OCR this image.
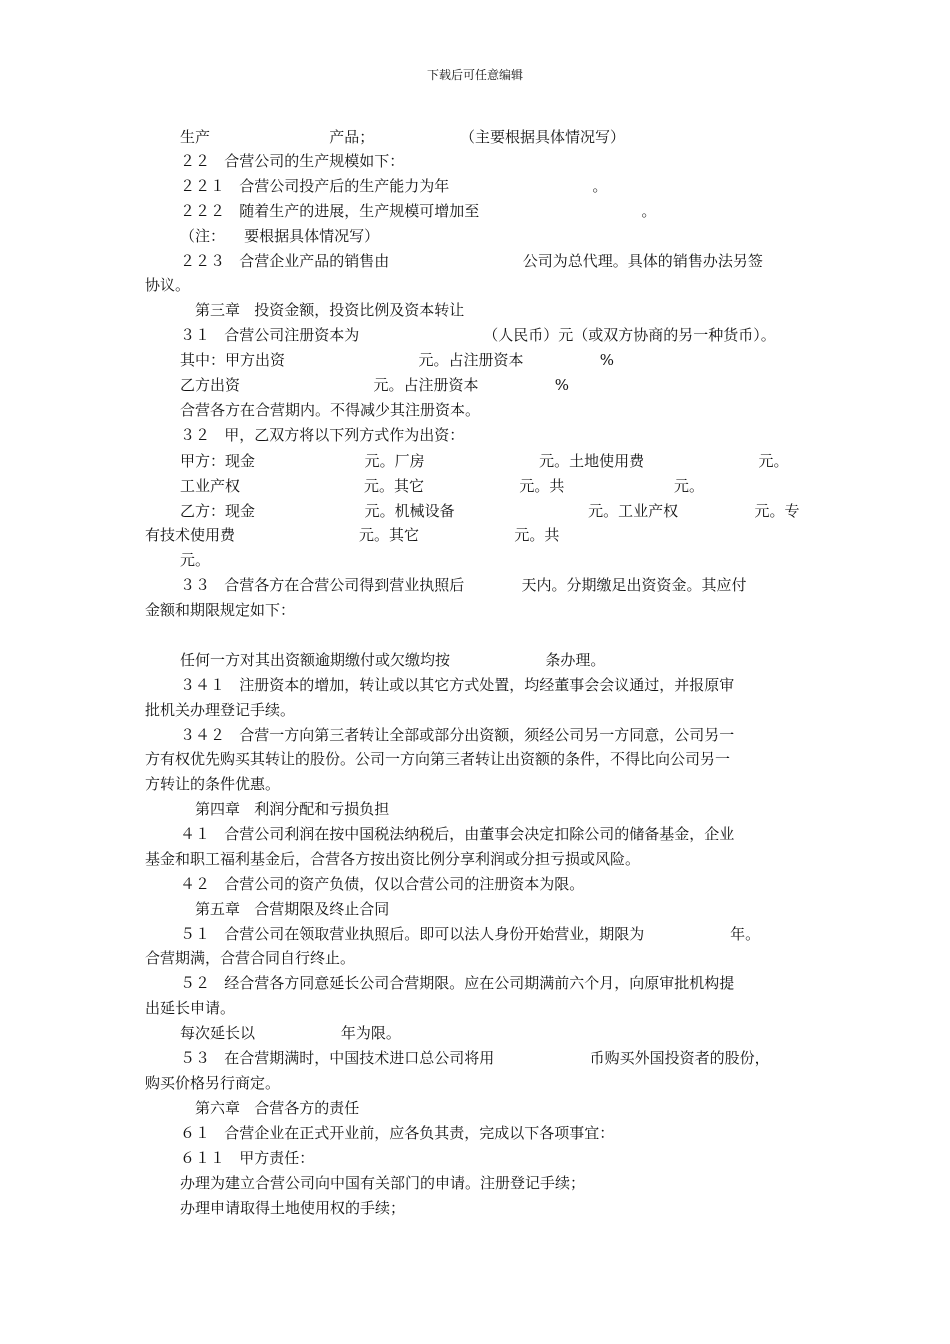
下载后可任意编辑
生产                         产品；                  （主要根据具体情况写）
２２   合营公司的生产规模如下：
２２１   合营公司投产后的生产能力为年                              。
２２２   随着生产的进展，生产规模可增加至                                  。
（注：    要根据具体情况写）
２２３   合营企业产品的销售由                            公司为总代理。具体的销售办法另签
协议。
第三章   投资金额，投资比例及资本转让
３１   合营公司注册资本为                          （人民币）元（或双方协商的另一种货币）。
其中：甲方出资                            元。占注册资本                %
乙方出资                            元。占注册资本                %
合营各方在合营期内。不得减少其注册资本。
３２   甲，乙双方将以下列方式作为出资：
甲方：现金                       元。厂房                        元。土地使用费                        元。
工业产权                          元。其它                    元。共                       元。
乙方：现金                       元。机械设备                            元。工业产权                元。专
有技术使用费                          元。其它                    元。共
元。
３３   合营各方在合营公司得到营业执照后            天内。分期缴足出资资金。其应付
金额和期限规定如下：
任何一方对其出资额逾期缴付或欠缴均按                    条办理。
３４１   注册资本的增加，转让或以其它方式处置，均经董事会会议通过，并报原审
批机关办理登记手续。
３４２   合营一方向第三者转让全部或部分出资额，须经公司另一方同意，公司另一
方有权优先购买其转让的股份。公司一方向第三者转让出资额的条件，不得比向公司另一
方转让的条件优惠。
第四章   利润分配和亏损负担
４１   合营公司利润在按中国税法纳税后，由董事会决定扣除公司的储备基金，企业
基金和职工福利基金后，合营各方按出资比例分享利润或分担亏损或风险。
４２   合营公司的资产负债，仅以合营公司的注册资本为限。
第五章   合营期限及终止合同
５１   合营公司在领取营业执照后。即可以法人身份开始营业，期限为                  年。
合营期满，合营合同自行终止。
５２   经合营各方同意延长公司合营期限。应在公司期满前六个月，向原审批机构提
出延长申请。
每次延长以                  年为限。
５３   在合营期满时，中国技术进口总公司将用                    币购买外国投资者的股份，
购买价格另行商定。
第六章   合营各方的责任
６１   合营企业在正式开业前，应各负其责，完成以下各项事宜：
６１１   甲方责任：
办理为建立合营公司向中国有关部门的申请。注册登记手续；
办理申请取得土地使用权的手续；
